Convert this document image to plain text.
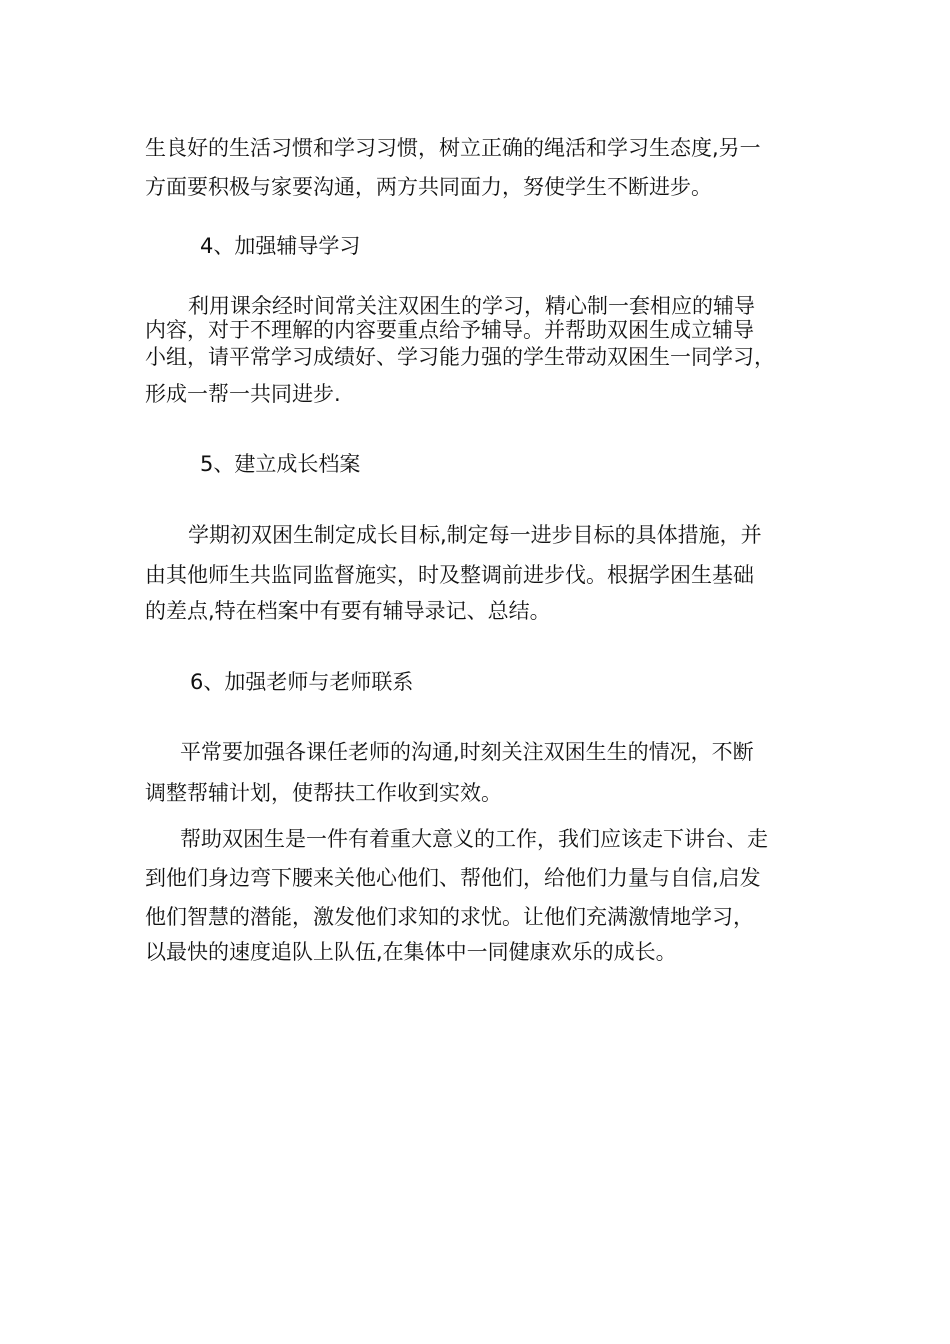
生良好的生活习惯和学习习惯，树立正确的绳活和学习生态度,另一

方面要积极与家要沟通，两方共同面力，努使学生不断进步。

4、加强辅导学习

利用课余经时间常关注双困生的学习，精心制一套相应的辅导

内容，对于不理解的内容要重点给予辅导。并帮助双困生成立辅导

小组，请平常学习成绩好、学习能力强的学生带动双困生一同学习，

形成一帮一共同进步.

5、建立成长档案

学期初双困生制定成长目标,制定每一进步目标的具体措施，并

由其他师生共监同监督施实，时及整调前进步伐。根据学困生基础

的差点,特在档案中有要有辅导录记、总结。

6、加强老师与老师联系

平常要加强各课任老师的沟通,时刻关注双困生生的情况，不断

调整帮辅计划，使帮扶工作收到实效。

帮助双困生是一件有着重大意义的工作，我们应该走下讲台、走

到他们身边弯下腰来关他心他们、帮他们，给他们力量与自信,启发

他们智慧的潜能，激发他们求知的求忧。让他们充满激情地学习，

以最快的速度追队上队伍,在集体中一同健康欢乐的成长。
